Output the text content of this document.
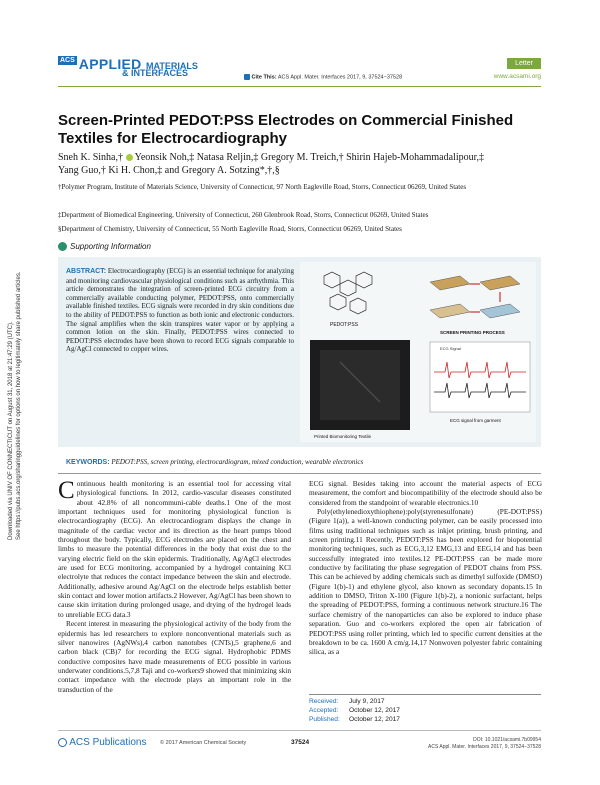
Downloaded via UNIV OF CONNECTICUT on August 31, 2018 at 21:47:29 (UTC). See https://pubs.acs.org/sharingguidelines for options on how to legitimately share published articles.
ACS APPLIED MATERIALS
& INTERFACES
Letter
Cite This: ACS Appl. Mater. Interfaces 2017, 9, 37524−37528	www.acsami.org
Screen-Printed PEDOT:PSS Electrodes on Commercial Finished Textiles for Electrocardiography
Sneh K. Sinha,† Yeonsik Noh,‡ Natasa Reljin,‡ Gregory M. Treich,† Shirin Hajeb-Mohammadalipour,‡
Yang Guo,† Ki H. Chon,‡ and Gregory A. Sotzing*,†,§
†Polymer Program, Institute of Materials Science, University of Connecticut, 97 North Eagleville Road, Storrs, Connecticut 06269, United States
‡Department of Biomedical Engineering, University of Connecticut, 260 Glenbrook Road, Storrs, Connecticut 06269, United States
§Department of Chemistry, University of Connecticut, 55 North Eagleville Road, Storrs, Connecticut 06269, United States
Supporting Information
ABSTRACT: Electrocardiography (ECG) is an essential technique for analyzing and monitoring cardiovascular physiological conditions such as arrhythmia. This article demonstrates the integration of screen-printed ECG circuitry from a commercially available conducting polymer, PEDOT:PSS, onto commercially available finished textiles. ECG signals were recorded in dry skin conditions due to the ability of PEDOT:PSS to function as both ionic and electronic conductors. The signal amplifies when the skin transpires water vapor or by applying a common lotion on the skin. Finally, PEDOT:PSS wires connected to PEDOT:PSS electrodes have been shown to record ECG signals comparable to Ag/AgCl connected to copper wires.
PEDOT:PSS
SCREEN PRINTING PROCESS
Printed Biomonitoring Textile
ECG Signal
ECG signal from garment
KEYWORDS: PEDOT:PSS, screen printing, electrocardiogram, mixed conduction, wearable electronics

Continuous health monitoring is an essential tool for accessing vital physiological functions. In 2012, cardio-vascular diseases constituted about 42.8% of all noncommuni-cable deaths.1 One of the most important techniques used for monitoring physiological function is electrocardiography (ECG). An electrocardiogram displays the change in magnitude of the cardiac vector and its direction as the heart pumps blood throughout the body. Typically, ECG electrodes are placed on the chest and limbs to measure the potential differences in the body that exist due to the varying electric field on the skin epidermis. Traditionally, Ag/AgCl electrodes are used for ECG monitoring, accompanied by a hydrogel containing KCl electrolyte that reduces the contact impedance between the skin and electrode. Additionally, adhesive around Ag/AgCl on the electrode helps establish better skin contact and lower motion artifacts.2 However, Ag/AgCl has been shown to cause skin irritation during prolonged usage, and drying of the hydrogel leads to unreliable ECG data.3

Recent interest in measuring the physiological activity of the body from the epidermis has led researchers to explore nonconventional materials such as silver nanowires (AgNWs),4 carbon nanotubes (CNTs),5 graphene,6 and carbon black (CB)7 for recording the ECG signal. Hydrophobic PDMS conductive composites have made measurements of ECG possible in various underwater conditions.5,7,8 Taji and co-workers9 showed that minimizing skin contact impedance with the electrode plays an important role in the transduction of the

ECG signal. Besides taking into account the material aspects of ECG measurement, the comfort and biocompatibility of the electrode should also be considered from the standpoint of wearable electronics.10

Poly(ethylenedioxythiophene):poly(styrenesulfonate) (PE-DOT:PSS) (Figure 1(a)), a well-known conducting polymer, can be easily processed into films using traditional techniques such as inkjet printing, brush printing, and screen printing.11 Recently, PEDOT:PSS has been explored for biopotential monitoring techniques, such as ECG,3,12 EMG,13 and EEG,14 and has been successfully integrated into textiles.12 PE-DOT:PSS can be made more conductive by facilitating the phase segregation of PEDOT chains from PSS. This can be achieved by adding chemicals such as dimethyl sulfoxide (DMSO) (Figure 1(b)-1) and ethylene glycol, also known as secondary dopants.15 In addition to DMSO, Triton X-100 (Figure 1(b)-2), a nonionic surfactant, helps the spreading of PEDOT:PSS, forming a continuous network structure.16 The surface chemistry of the nanoparticles can also be explored to induce phase separation. Guo and co-workers explored the open air fabrication of PEDOT:PSS using roller printing, which led to specific current densities at the breakdown to be ca. 1600 A cm/g.14,17 Nonwoven polyester fabric containing silica, as a

Received: July 9, 2017
Accepted: October 12, 2017
Published: October 12, 2017
ACS Publications © 2017 American Chemical Society	37524	DOI: 10.1021/acsami.7b09954
ACS Appl. Mater. Interfaces 2017, 9, 37524−37528
